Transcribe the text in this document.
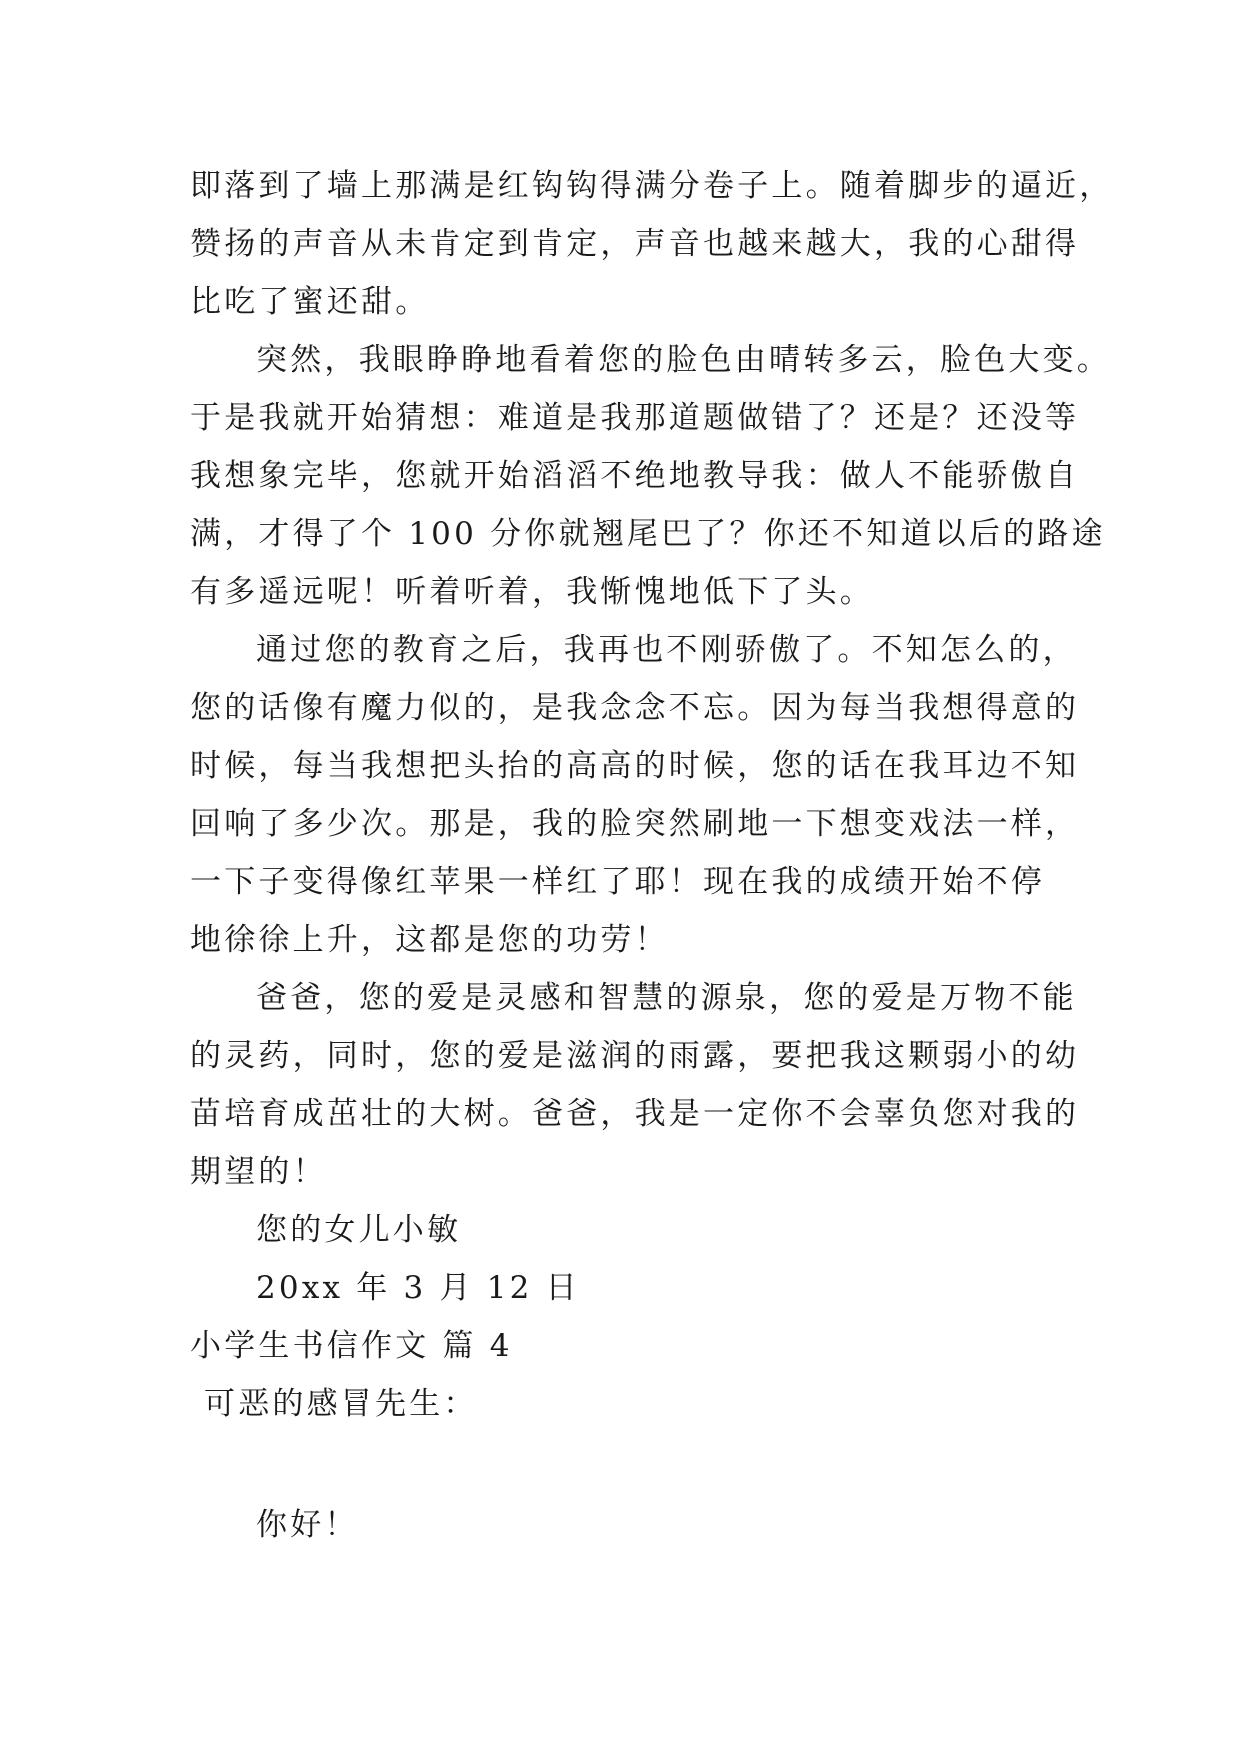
即落到了墙上那满是红钩钩得满分卷子上。随着脚步的逼近，
赞扬的声音从未肯定到肯定，声音也越来越大，我的心甜得
比吃了蜜还甜。
突然，我眼睁睁地看着您的脸色由晴转多云，脸色大变。
于是我就开始猜想：难道是我那道题做错了？还是？还没等
我想象完毕，您就开始滔滔不绝地教导我：做人不能骄傲自
满，才得了个 100 分你就翘尾巴了？你还不知道以后的路途
有多遥远呢！听着听着，我惭愧地低下了头。
通过您的教育之后，我再也不刚骄傲了。不知怎么的，
您的话像有魔力似的，是我念念不忘。因为每当我想得意的
时候，每当我想把头抬的高高的时候，您的话在我耳边不知
回响了多少次。那是，我的脸突然刷地一下想变戏法一样，
一下子变得像红苹果一样红了耶！现在我的成绩开始不停
地徐徐上升，这都是您的功劳！
爸爸，您的爱是灵感和智慧的源泉，您的爱是万物不能
的灵药，同时，您的爱是滋润的雨露，要把我这颗弱小的幼
苗培育成茁壮的大树。爸爸，我是一定你不会辜负您对我的
期望的！
您的女儿小敏
20xx 年 3 月 12 日
小学生书信作文 篇 4
可恶的感冒先生：
你好！
